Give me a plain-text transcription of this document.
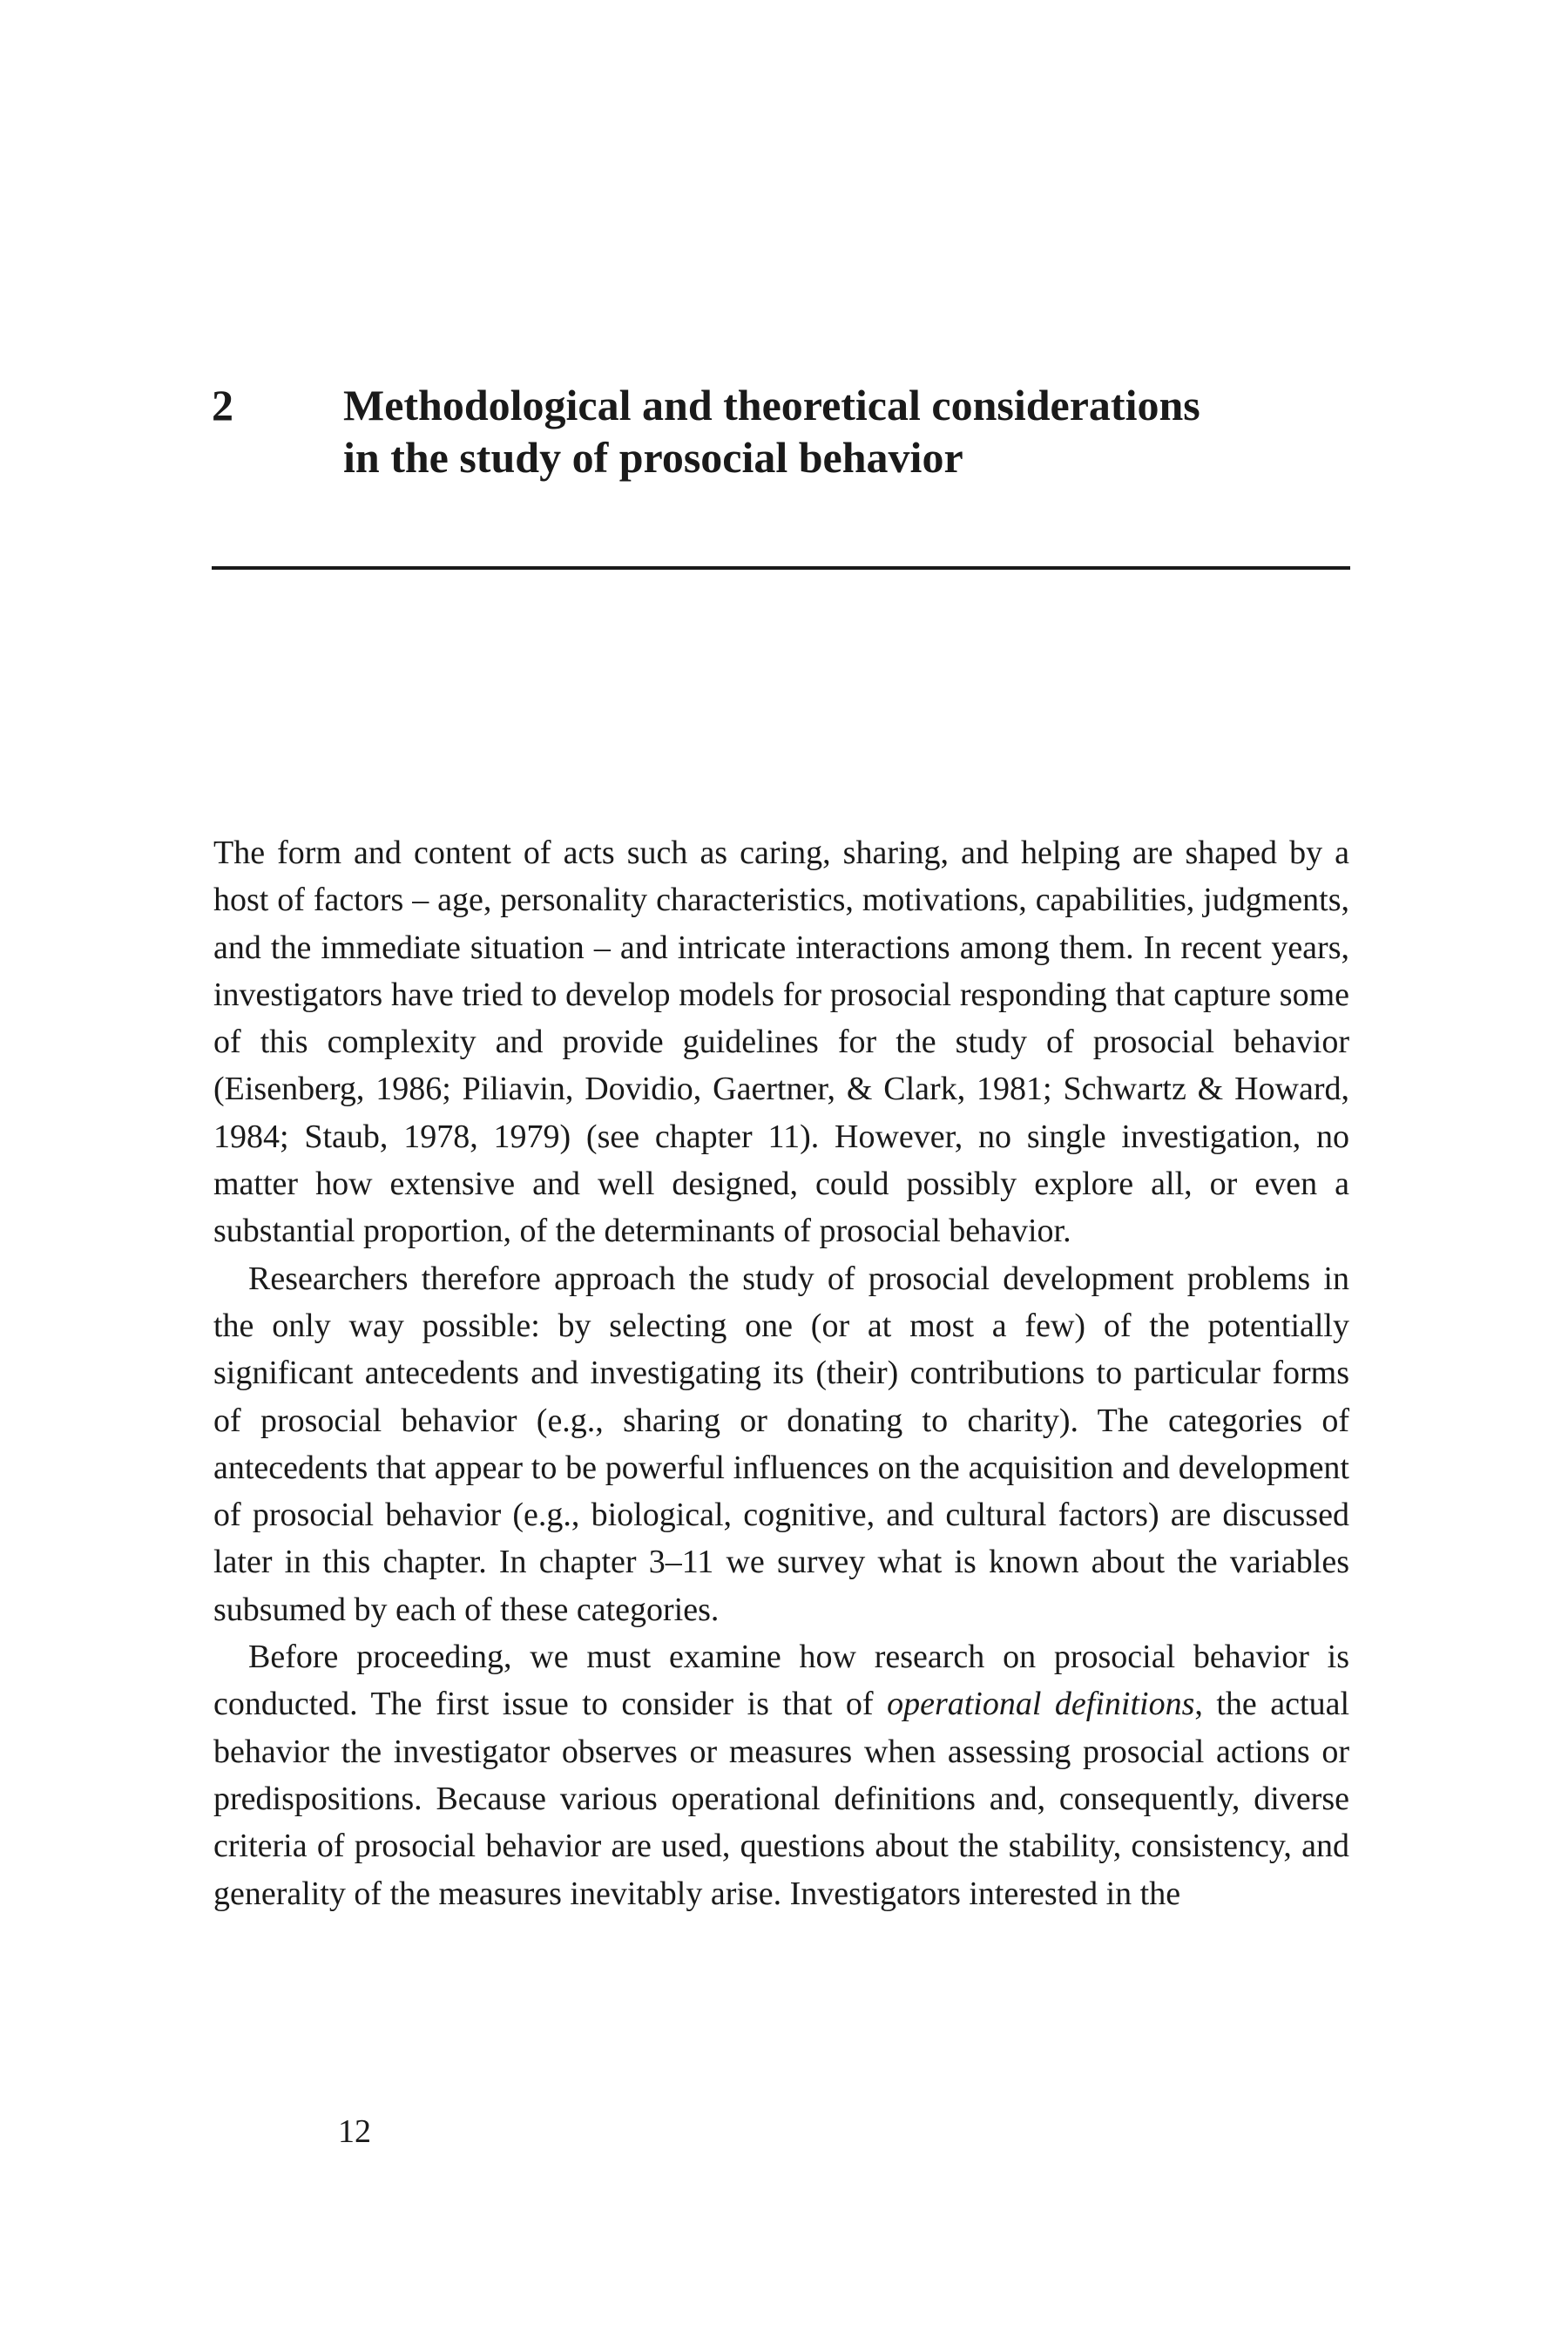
2	Methodological and theoretical considerations
in the study of prosocial behavior

The form and content of acts such as caring, sharing, and helping are shaped by a host of factors – age, personality characteristics, motivations, capabilities, judgments, and the immediate situation – and intricate interactions among them. In recent years, investigators have tried to develop models for prosocial responding that capture some of this complexity and provide guidelines for the study of prosocial behavior (Eisenberg, 1986; Piliavin, Dovidio, Gaertner, & Clark, 1981; Schwartz & Howard, 1984; Staub, 1978, 1979) (see chapter 11). However, no single investigation, no matter how extensive and well designed, could possibly explore all, or even a substantial proportion, of the determinants of prosocial behavior.

Researchers therefore approach the study of prosocial development problems in the only way possible: by selecting one (or at most a few) of the potentially significant antecedents and investigating its (their) contributions to particular forms of prosocial behavior (e.g., sharing or donating to charity). The categories of antecedents that appear to be powerful influences on the acquisition and development of prosocial behavior (e.g., biological, cognitive, and cultural factors) are discussed later in this chapter. In chapter 3–11 we survey what is known about the variables subsumed by each of these categories.

Before proceeding, we must examine how research on prosocial behavior is conducted. The first issue to consider is that of operational definitions, the actual behavior the investigator observes or measures when assessing prosocial actions or predispositions. Because various operational definitions and, consequently, diverse criteria of prosocial behavior are used, questions about the stability, consistency, and generality of the measures inevitably arise. Investigators interested in the

12
